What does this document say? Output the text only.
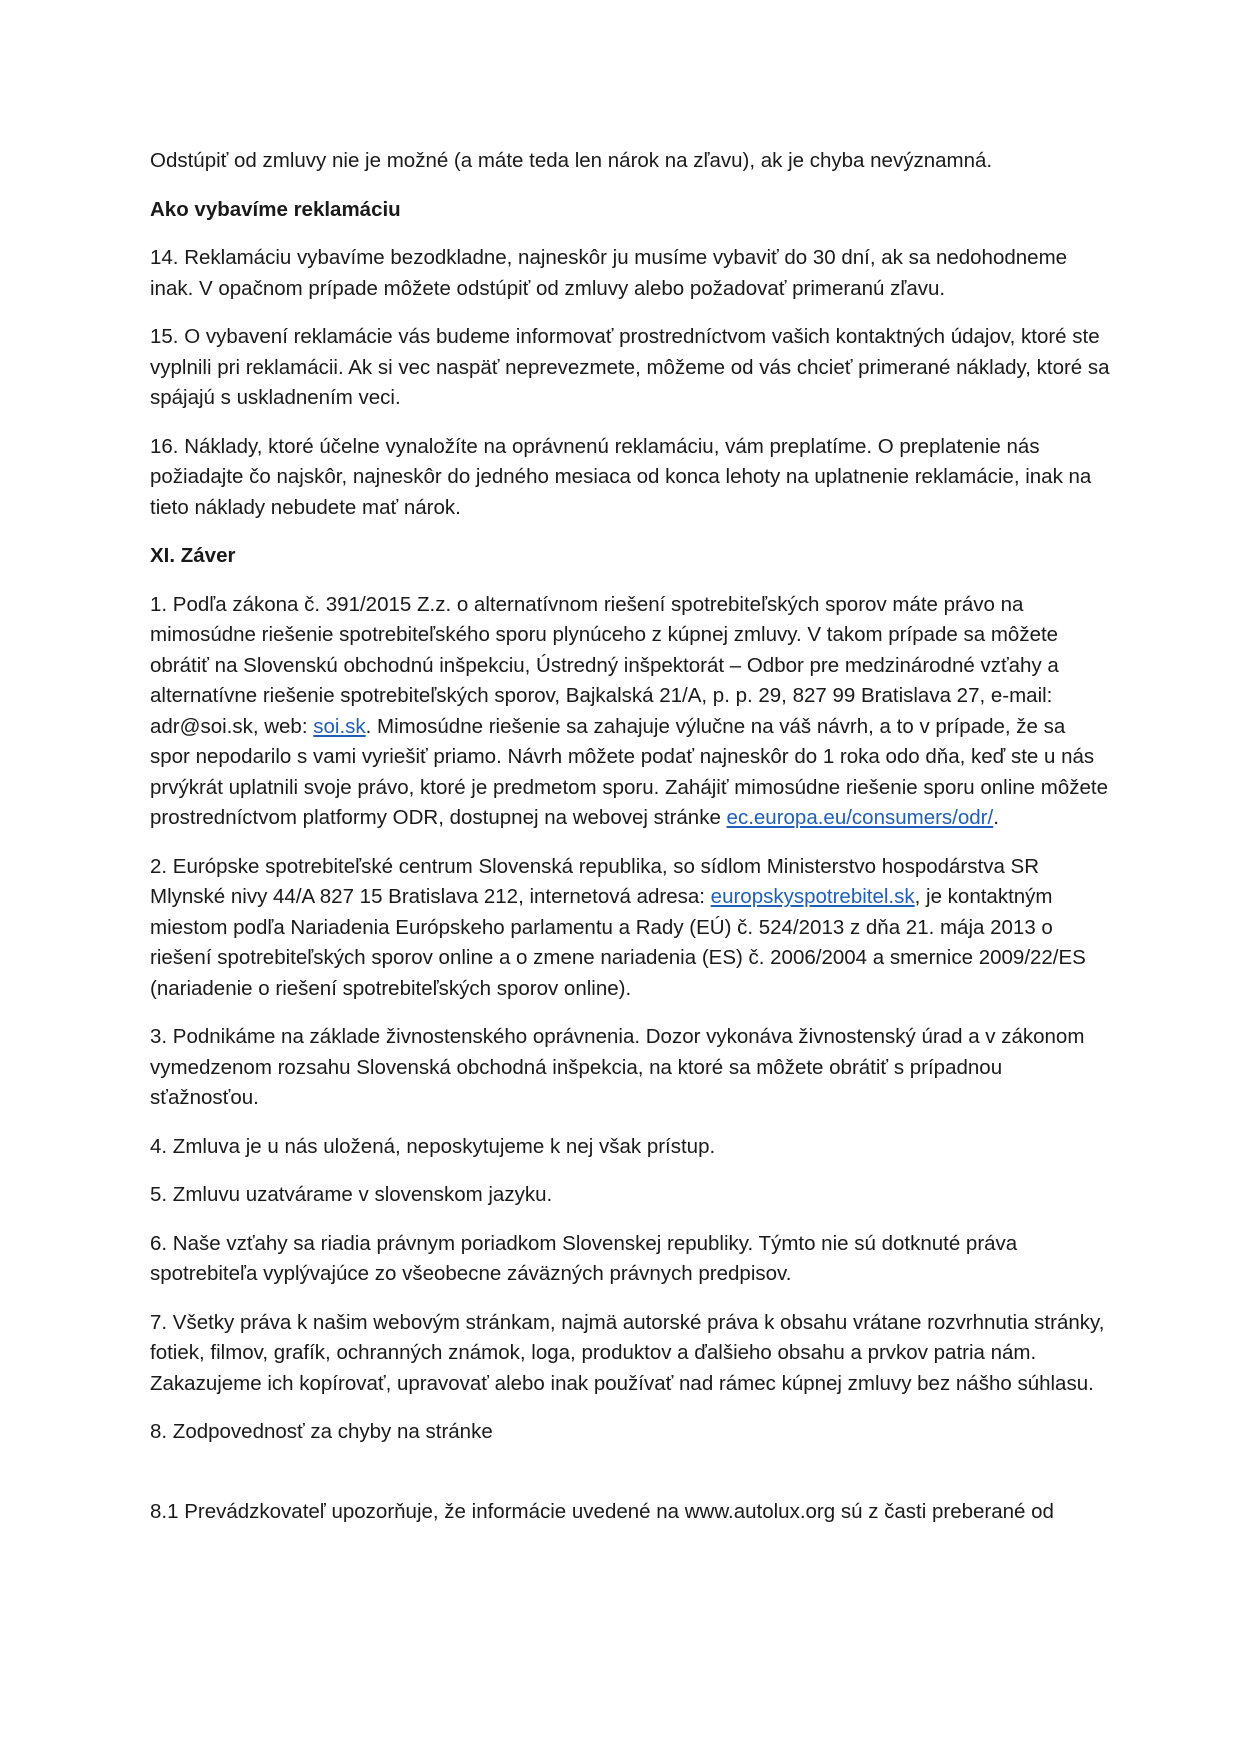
Odstúpiť od zmluvy nie je možné (a máte teda len nárok na zľavu), ak je chyba nevýznamná.

Ako vybavíme reklamáciu

14. Reklamáciu vybavíme bezodkladne, najneskôr ju musíme vybaviť do 30 dní, ak sa nedohodneme inak. V opačnom prípade môžete odstúpiť od zmluvy alebo požadovať primeranú zľavu.

15. O vybavení reklamácie vás budeme informovať prostredníctvom vašich kontaktných údajov, ktoré ste vyplnili pri reklamácii. Ak si vec naspäť neprevezmete, môžeme od vás chcieť primerané náklady, ktoré sa spájajú s uskladnením veci.

16. Náklady, ktoré účelne vynaložíte na oprávnenú reklamáciu, vám preplatíme. O preplatenie nás požiadajte čo najskôr, najneskôr do jedného mesiaca od konca lehoty na uplatnenie reklamácie, inak na tieto náklady nebudete mať nárok.

XI. Záver

1. Podľa zákona č. 391/2015 Z.z. o alternatívnom riešení spotrebiteľských sporov máte právo na mimosúdne riešenie spotrebiteľského sporu plynúceho z kúpnej zmluvy. V takom prípade sa môžete obrátiť na Slovenskú obchodnú inšpekciu, Ústredný inšpektorát – Odbor pre medzinárodné vzťahy a alternatívne riešenie spotrebiteľských sporov, Bajkalská 21/A, p. p. 29, 827 99 Bratislava 27, e-mail: adr@soi.sk, web: soi.sk. Mimosúdne riešenie sa zahajuje výlučne na váš návrh, a to v prípade, že sa spor nepodarilo s vami vyriešiť priamo. Návrh môžete podať najneskôr do 1 roka odo dňa, keď ste u nás prvýkrát uplatnili svoje právo, ktoré je predmetom sporu. Zahájiť mimosúdne riešenie sporu online môžete prostredníctvom platformy ODR, dostupnej na webovej stránke ec.europa.eu/consumers/odr/.

2. Európske spotrebiteľské centrum Slovenská republika, so sídlom Ministerstvo hospodárstva SR Mlynské nivy 44/A 827 15 Bratislava 212, internetová adresa: europskyspotrebitel.sk, je kontaktným miestom podľa Nariadenia Európskeho parlamentu a Rady (EÚ) č. 524/2013 z dňa 21. mája 2013 o riešení spotrebiteľských sporov online a o zmene nariadenia (ES) č. 2006/2004 a smernice 2009/22/ES (nariadenie o riešení spotrebiteľských sporov online).

3. Podnikáme na základe živnostenského oprávnenia. Dozor vykonáva živnostenský úrad a v zákonom vymedzenom rozsahu Slovenská obchodná inšpekcia, na ktoré sa môžete obrátiť s prípadnou sťažnosťou.

4. Zmluva je u nás uložená, neposkytujeme k nej však prístup.

5. Zmluvu uzatvárame v slovenskom jazyku.

6. Naše vzťahy sa riadia právnym poriadkom Slovenskej republiky. Týmto nie sú dotknuté práva spotrebiteľa vyplývajúce zo všeobecne záväzných právnych predpisov.

7. Všetky práva k našim webovým stránkam, najmä autorské práva k obsahu vrátane rozvrhnutia stránky, fotiek, filmov, grafík, ochranných známok, loga, produktov a ďalšieho obsahu a prvkov patria nám. Zakazujeme ich kopírovať, upravovať alebo inak používať nad rámec kúpnej zmluvy bez nášho súhlasu.

8. Zodpovednosť za chyby na stránke

8.1 Prevádzkovateľ upozorňuje, že informácie uvedené na www.autolux.org sú z časti preberané od
